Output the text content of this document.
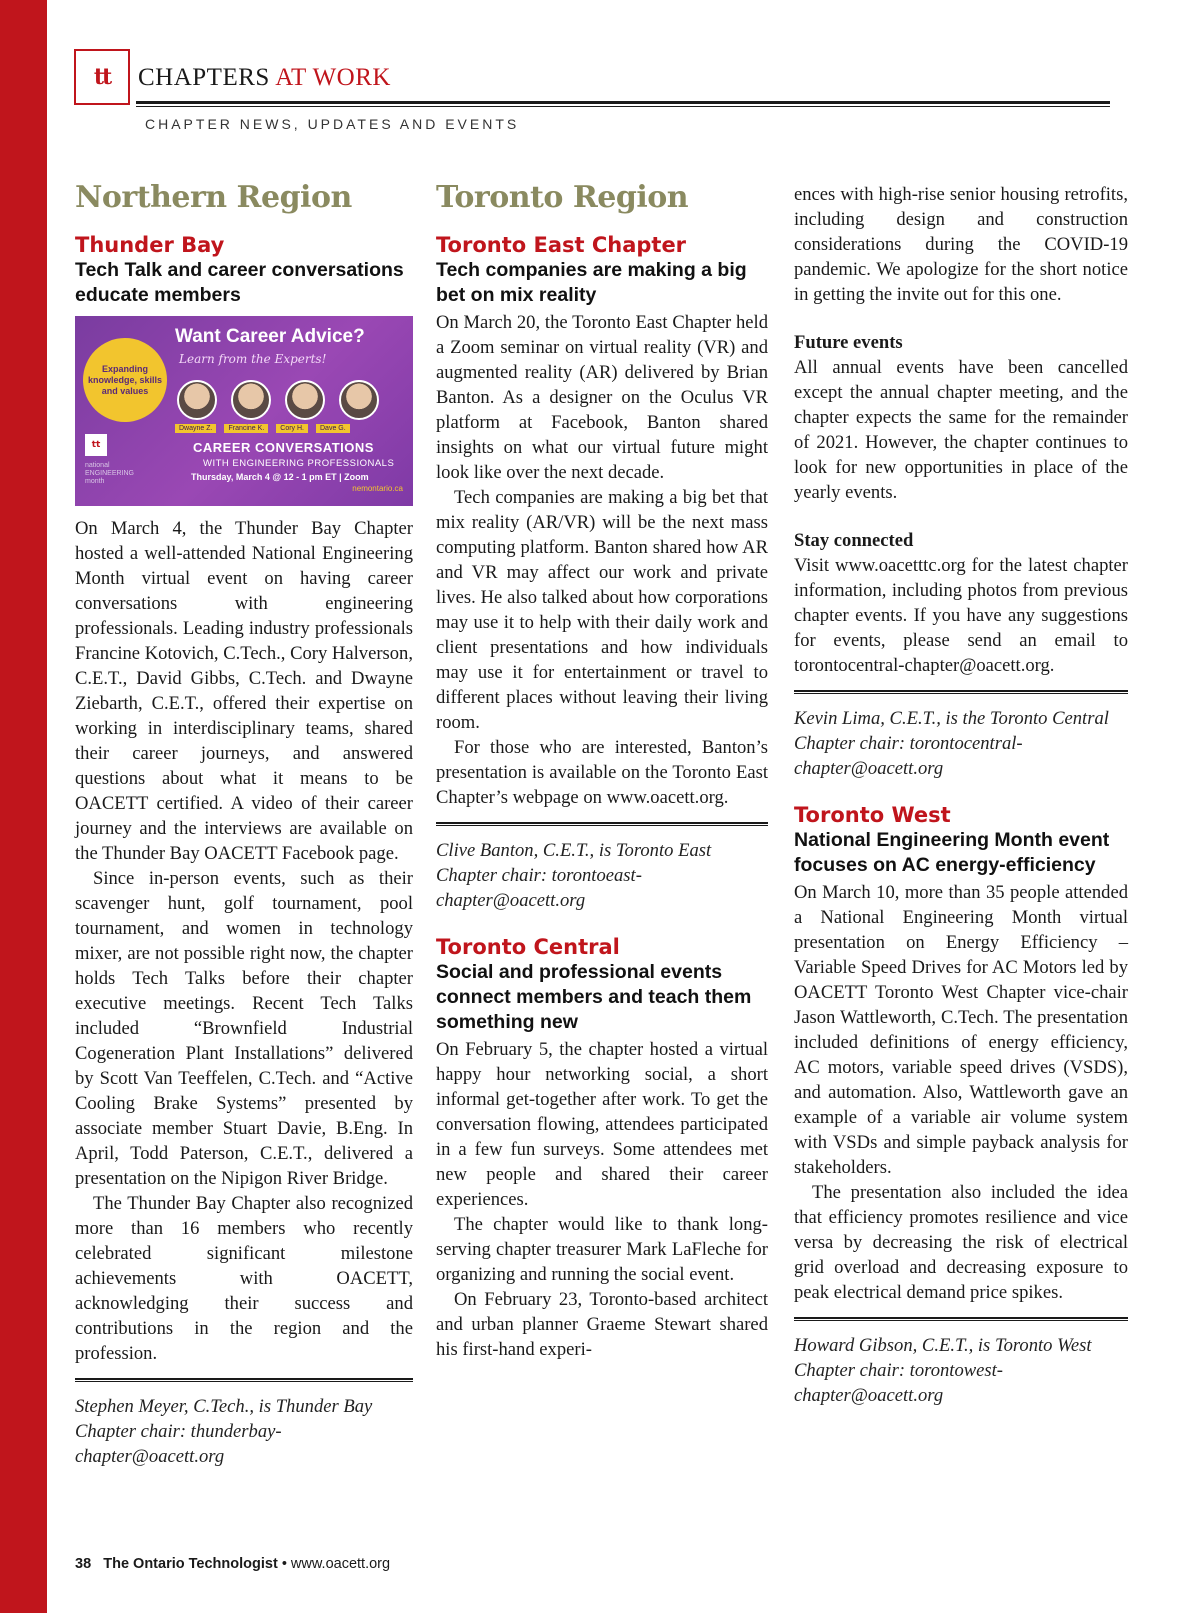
tt CHAPTERS AT WORK
CHAPTER NEWS, UPDATES AND EVENTS
Northern Region
Thunder Bay
Tech Talk and career conversations educate members
Expanding knowledge, skills and values
Want Career Advice?
Learn from the Experts!
Dwayne Z.	Francine K.	Cory H.	Dave G.
tt
national ENGINEERING month
CAREER CONVERSATIONS
WITH ENGINEERING PROFESSIONALS
Thursday, March 4 @ 12 - 1 pm ET | Zoom
nemontario.ca

On March 4, the Thunder Bay Chapter hosted a well-attended National Engineering Month virtual event on having career conversations with engineering professionals. Leading industry professionals Francine Kotovich, C.Tech., Cory Halverson, C.E.T., David Gibbs, C.Tech. and Dwayne Ziebarth, C.E.T., offered their expertise on working in interdisciplinary teams, shared their career journeys, and answered questions about what it means to be OACETT certified. A video of their career journey and the interviews are available on the Thunder Bay OACETT Facebook page.

Since in-person events, such as their scavenger hunt, golf tournament, pool tournament, and women in technology mixer, are not possible right now, the chapter holds Tech Talks before their chapter executive meetings. Recent Tech Talks included “Brownfield Industrial Cogeneration Plant Installations” delivered by Scott Van Teeffelen, C.Tech. and “Active Cooling Brake Systems” presented by associate member Stuart Davie, B.Eng. In April, Todd Paterson, C.E.T., delivered a presentation on the Nipigon River Bridge.

The Thunder Bay Chapter also recognized more than 16 members who recently celebrated significant milestone achievements with OACETT, acknowledging their success and contributions in the region and the profession.

Stephen Meyer, C.Tech., is Thunder Bay Chapter chair: thunderbay-chapter@oacett.org
Toronto Region
Toronto East Chapter
Tech companies are making a big bet on mix reality

On March 20, the Toronto East Chapter held a Zoom seminar on virtual reality (VR) and augmented reality (AR) delivered by Brian Banton. As a designer on the Oculus VR platform at Facebook, Banton shared insights on what our virtual future might look like over the next decade.

Tech companies are making a big bet that mix reality (AR/VR) will be the next mass computing platform. Banton shared how AR and VR may affect our work and private lives. He also talked about how corporations may use it to help with their daily work and client presentations and how individuals may use it for entertainment or travel to different places without leaving their living room.

For those who are interested, Banton’s presentation is available on the Toronto East Chapter’s webpage on www.oacett.org.

Clive Banton, C.E.T., is Toronto East Chapter chair: torontoeast-chapter@oacett.org
Toronto Central
Social and professional events connect members and teach them something new

On February 5, the chapter hosted a virtual happy hour networking social, a short informal get-together after work. To get the conversation flowing, attendees participated in a few fun surveys. Some attendees met new people and shared their career experiences.

The chapter would like to thank long-serving chapter treasurer Mark LaFleche for organizing and running the social event.

On February 23, Toronto-based architect and urban planner Graeme Stewart shared his first-hand experi-

ences with high-rise senior housing retrofits, including design and construction considerations during the COVID-19 pandemic. We apologize for the short notice in getting the invite out for this one.

Future events

All annual events have been cancelled except the annual chapter meeting, and the chapter expects the same for the remainder of 2021. However, the chapter continues to look for new opportunities in place of the yearly events.

Stay connected

Visit www.oacetttc.org for the latest chapter information, including photos from previous chapter events. If you have any suggestions for events, please send an email to torontocentral-chapter@oacett.org.

Kevin Lima, C.E.T., is the Toronto Central Chapter chair: torontocentral-chapter@oacett.org
Toronto West
National Engineering Month event focuses on AC energy-efficiency

On March 10, more than 35 people attended a National Engineering Month virtual presentation on Energy Efficiency – Variable Speed Drives for AC Motors led by OACETT Toronto West Chapter vice-chair Jason Wattleworth, C.Tech. The presentation included definitions of energy efficiency, AC motors, variable speed drives (VSDS), and automation. Also, Wattleworth gave an example of a variable air volume system with VSDs and simple payback analysis for stakeholders.

The presentation also included the idea that efficiency promotes resilience and vice versa by decreasing the risk of electrical grid overload and decreasing exposure to peak electrical demand price spikes.

Howard Gibson, C.E.T., is Toronto West Chapter chair: torontowest-chapter@oacett.org
38 The Ontario Technologist • www.oacett.org
